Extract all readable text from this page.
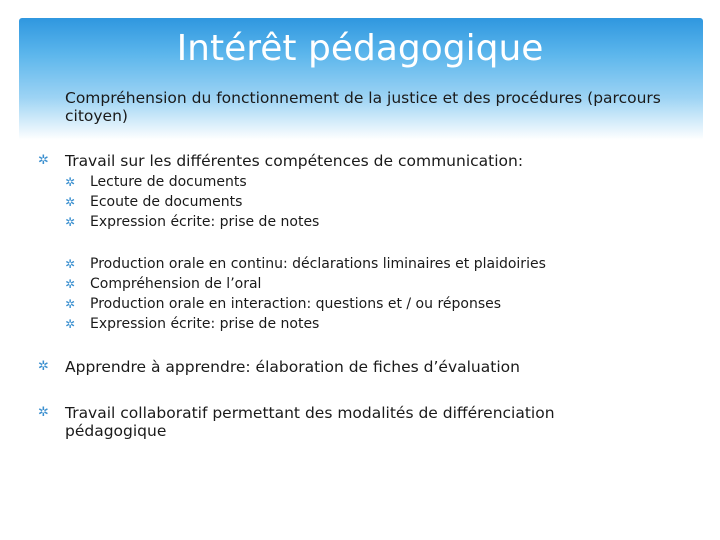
Intérêt pédagogique
Compréhension du fonctionnement de la justice et des procédures (parcours citoyen)
✲ Travail sur les différentes compétences de communication:
✲ Lecture de documents
✲ Ecoute de documents
✲ Expression écrite: prise de notes
✲ Production orale en continu: déclarations liminaires et plaidoiries
✲ Compréhension de l’oral
✲ Production orale en interaction: questions et / ou réponses
✲ Expression écrite: prise de notes
✲ Apprendre à apprendre: élaboration de fiches d’évaluation
✲ Travail collaboratif permettant des modalités de différenciation pédagogique
